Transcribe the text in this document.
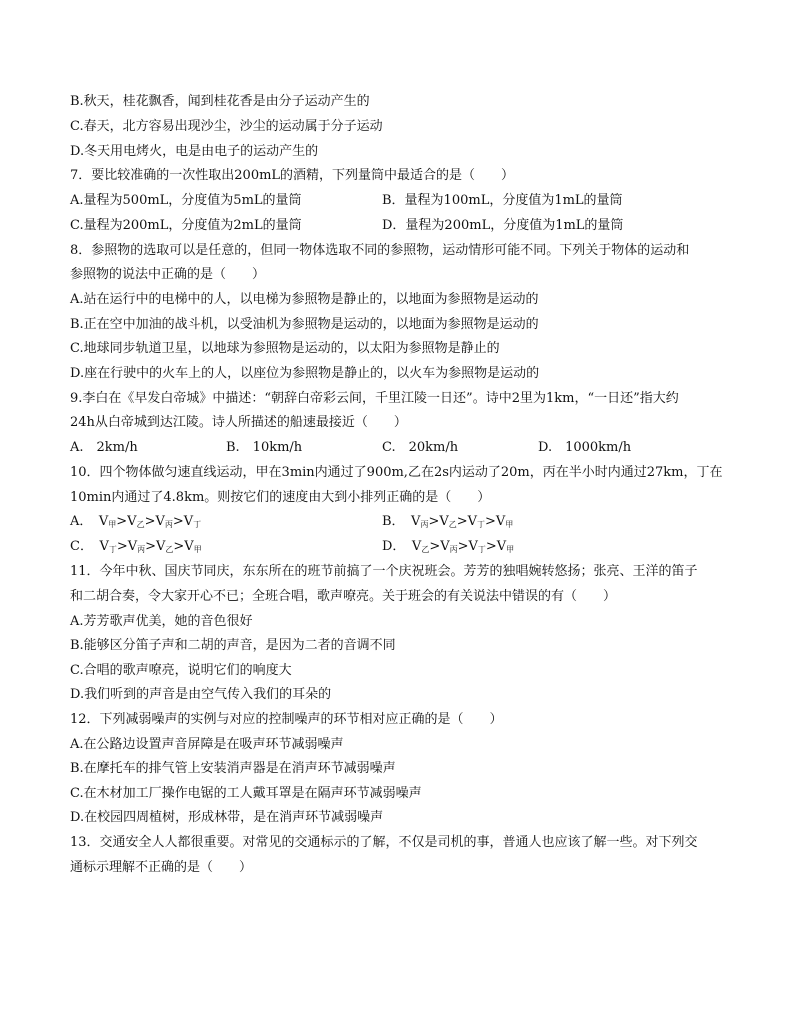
B.秋天，桂花飘香，闻到桂花香是由分子运动产生的
C.春天，北方容易出现沙尘，沙尘的运动属于分子运动
D.冬天用电烤火，电是由电子的运动产生的
7．要比较准确的一次性取出200mL的酒精，下列量筒中最适合的是（　　）
A.量程为500mL，分度值为5mL的量筒	B．量程为100mL，分度值为1mL的量筒
C.量程为200mL，分度值为2mL的量筒	D．量程为200mL，分度值为1mL的量筒
8．参照物的选取可以是任意的，但同一物体选取不同的参照物，运动情形可能不同。下列关于物体的运动和
参照物的说法中正确的是（　　）
A.站在运行中的电梯中的人，以电梯为参照物是静止的，以地面为参照物是运动的
B.正在空中加油的战斗机，以受油机为参照物是运动的，以地面为参照物是运动的
C.地球同步轨道卫星，以地球为参照物是运动的，以太阳为参照物是静止的
D.座在行驶中的火车上的人，以座位为参照物是静止的，以火车为参照物是运动的
9.李白在《早发白帝城》中描述：“朝辞白帝彩云间，千里江陵一日还”。诗中2里为1km，“一日还”指大约
24h从白帝城到达江陵。诗人所描述的船速最接近（　　）
A.　2km/h	B.　10km/h	C.　20km/h	D.　1000km/h
10．四个物体做匀速直线运动，甲在3min内通过了900m,乙在2s内运动了20m，丙在半小时内通过27km，丁在
10min内通过了4.8km。则按它们的速度由大到小排列正确的是（　　）
A．　$V_甲>V_乙>V_丙>V_丁$	B．　$V_丙>V_乙>V_丁>V_甲$
C．　$V_丁>V_丙>V_乙>V_甲$	D．　$V_乙>V_丙>V_丁>V_甲$
11．今年中秋、国庆节同庆，东东所在的班节前搞了一个庆祝班会。芳芳的独唱婉转悠扬；张亮、王洋的笛子
和二胡合奏，令大家开心不已；全班合唱，歌声嘹亮。关于班会的有关说法中错误的有（　　）
A.芳芳歌声优美，她的音色很好
B.能够区分笛子声和二胡的声音，是因为二者的音调不同
C.合唱的歌声嘹亮，说明它们的响度大
D.我们听到的声音是由空气传入我们的耳朵的
12．下列减弱噪声的实例与对应的控制噪声的环节相对应正确的是（　　）
A.在公路边设置声音屏障是在吸声环节减弱噪声
B.在摩托车的排气管上安装消声器是在消声环节减弱噪声
C.在木材加工厂操作电锯的工人戴耳罩是在隔声环节减弱噪声
D.在校园四周植树，形成林带，是在消声环节减弱噪声
13．交通安全人人都很重要。对常见的交通标示的了解，不仅是司机的事，普通人也应该了解一些。对下列交
通标示理解不正确的是（　　）
